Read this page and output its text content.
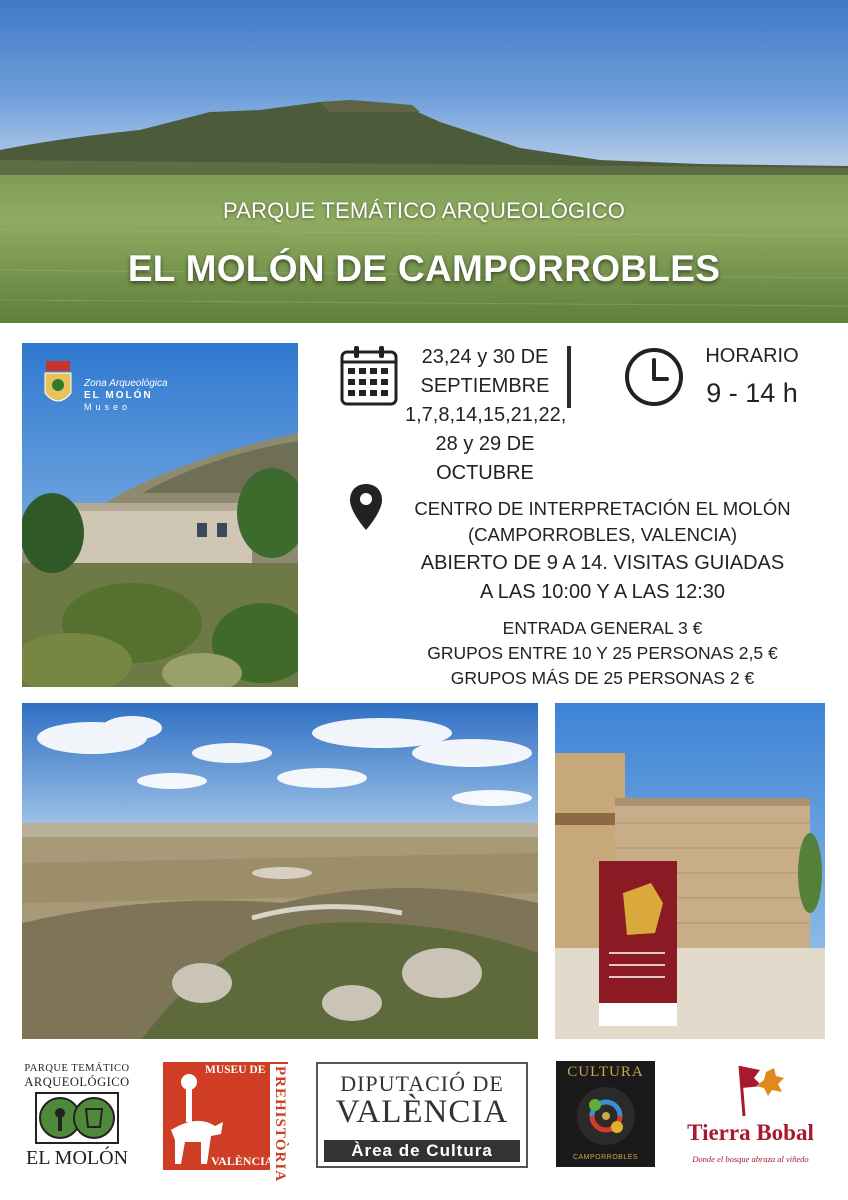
PARQUE TEMÁTICO ARQUEOLÓGICO
EL MOLÓN DE CAMPORROBLES
Zona Arqueológica
EL MOLÓN
Museo
23,24 y 30 DE
SEPTIEMBRE
1,7,8,14,15,21,22,
28 y 29 DE
OCTUBRE
HORARIO
9 - 14 h
CENTRO DE INTERPRETACIÓN EL MOLÓN
(CAMPORROBLES, VALENCIA)
ABIERTO DE 9 A 14. VISITAS GUIADAS
A LAS 10:00 Y A LAS 12:30
ENTRADA GENERAL 3 €
GRUPOS ENTRE 10 Y 25 PERSONAS 2,5 €
GRUPOS MÁS DE 25 PERSONAS 2 €
PARQUE TEMÁTICO
ARQUEOLÓGICO
EL MOLÓN
MUSEU DE PREHISTÒRIA
VALÈNCIA
DIPUTACIÓ DE
VALÈNCIA
Àrea de Cultura
CULTURA
CAMPORROBLES
Tierra Bobal
Donde el bosque abraza al viñedo
